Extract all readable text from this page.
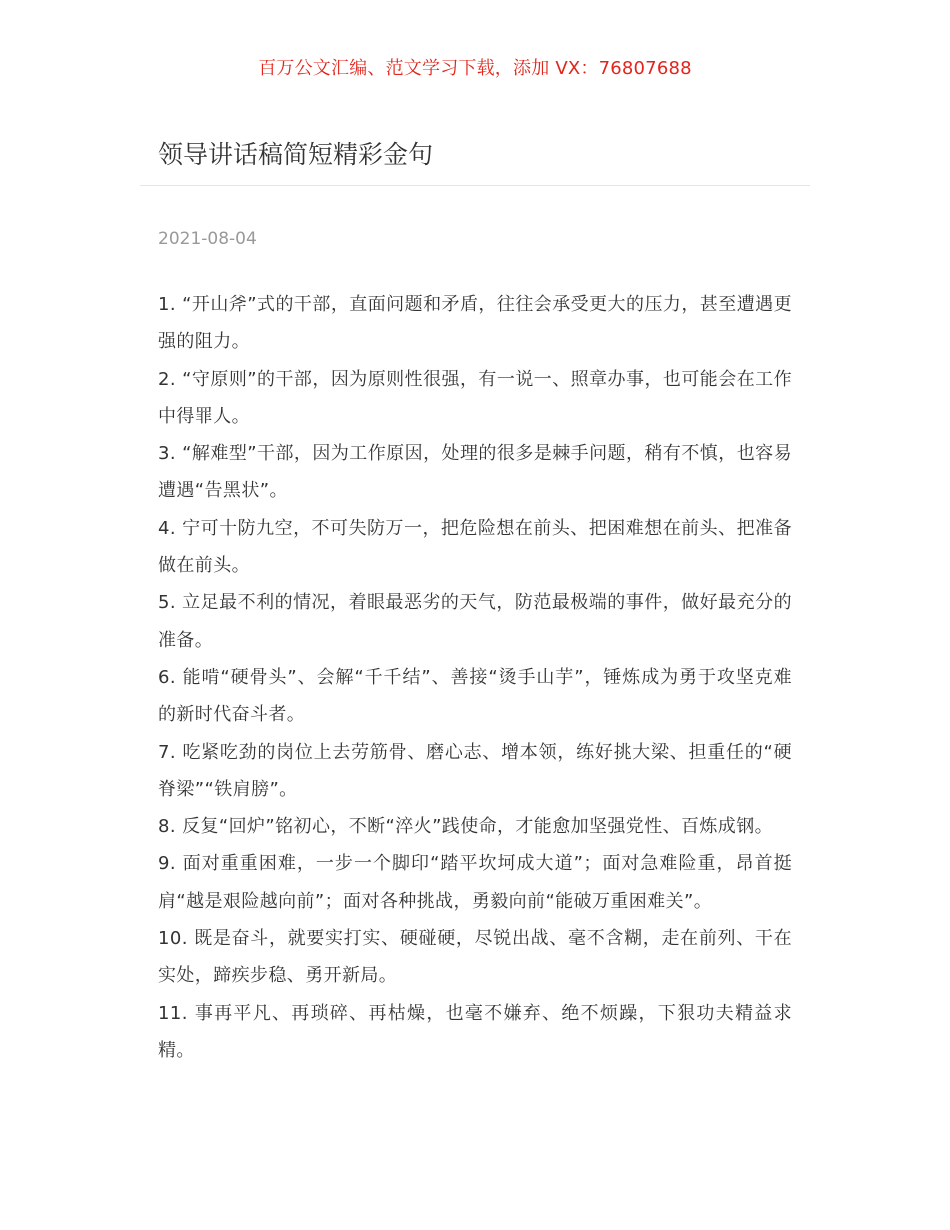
百万公文汇编、范文学习下载，添加 VX：76807688
领导讲话稿简短精彩金句
2021-08-04
1. “开山斧”式的干部，直面问题和矛盾，往往会承受更大的压力，甚至遭遇更强的阻力。
2. “守原则”的干部，因为原则性很强，有一说一、照章办事，也可能会在工作中得罪人。
3. “解难型”干部，因为工作原因，处理的很多是棘手问题，稍有不慎，也容易遭遇“告黑状”。
4. 宁可十防九空，不可失防万一，把危险想在前头、把困难想在前头、把准备做在前头。
5. 立足最不利的情况，着眼最恶劣的天气，防范最极端的事件，做好最充分的准备。
6. 能啃“硬骨头”、会解“千千结”、善接“烫手山芋”，锤炼成为勇于攻坚克难的新时代奋斗者。
7. 吃紧吃劲的岗位上去劳筋骨、磨心志、增本领，练好挑大梁、担重任的“硬脊梁”“铁肩膀”。
8. 反复“回炉”铭初心，不断“淬火”践使命，才能愈加坚强党性、百炼成钢。
9. 面对重重困难，一步一个脚印“踏平坎坷成大道”；面对急难险重，昂首挺肩“越是艰险越向前”；面对各种挑战，勇毅向前“能破万重困难关”。
10. 既是奋斗，就要实打实、硬碰硬，尽锐出战、毫不含糊，走在前列、干在实处，蹄疾步稳、勇开新局。
11. 事再平凡、再琐碎、再枯燥，也毫不嫌弃、绝不烦躁，下狠功夫精益求精。
